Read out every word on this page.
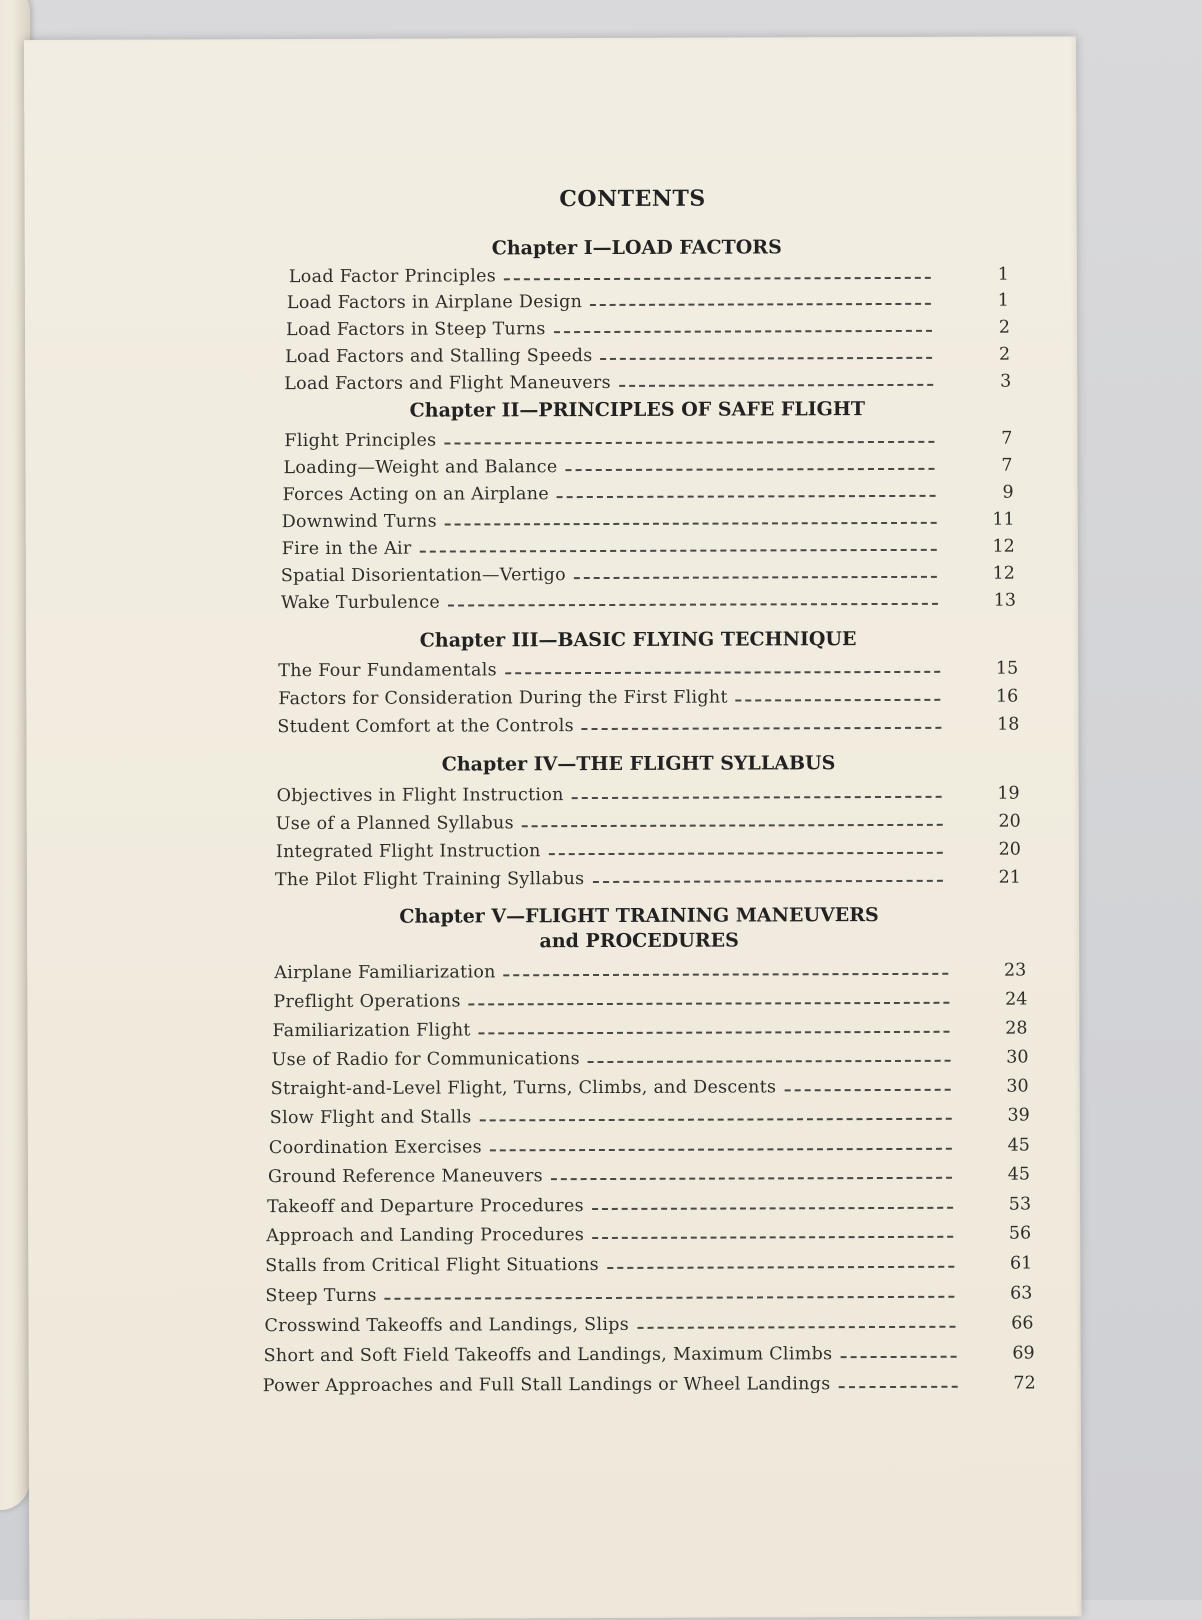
CONTENTS
Chapter I—LOAD FACTORS
Load Factor Principles	1
Load Factors in Airplane Design	1
Load Factors in Steep Turns	2
Load Factors and Stalling Speeds	2
Load Factors and Flight Maneuvers	3
Chapter II—PRINCIPLES OF SAFE FLIGHT
Flight Principles	7
Loading—Weight and Balance	7
Forces Acting on an Airplane	9
Downwind Turns	11
Fire in the Air	12
Spatial Disorientation—Vertigo	12
Wake Turbulence	13
Chapter III—BASIC FLYING TECHNIQUE
The Four Fundamentals	15
Factors for Consideration During the First Flight	16
Student Comfort at the Controls	18
Chapter IV—THE FLIGHT SYLLABUS
Objectives in Flight Instruction	19
Use of a Planned Syllabus	20
Integrated Flight Instruction	20
The Pilot Flight Training Syllabus	21
Chapter V—FLIGHT TRAINING MANEUVERS
and PROCEDURES
Airplane Familiarization	23
Preflight Operations	24
Familiarization Flight	28
Use of Radio for Communications	30
Straight-and-Level Flight, Turns, Climbs, and Descents	30
Slow Flight and Stalls	39
Coordination Exercises	45
Ground Reference Maneuvers	45
Takeoff and Departure Procedures	53
Approach and Landing Procedures	56
Stalls from Critical Flight Situations	61
Steep Turns	63
Crosswind Takeoffs and Landings, Slips	66
Short and Soft Field Takeoffs and Landings, Maximum Climbs	69
Power Approaches and Full Stall Landings or Wheel Landings	72
